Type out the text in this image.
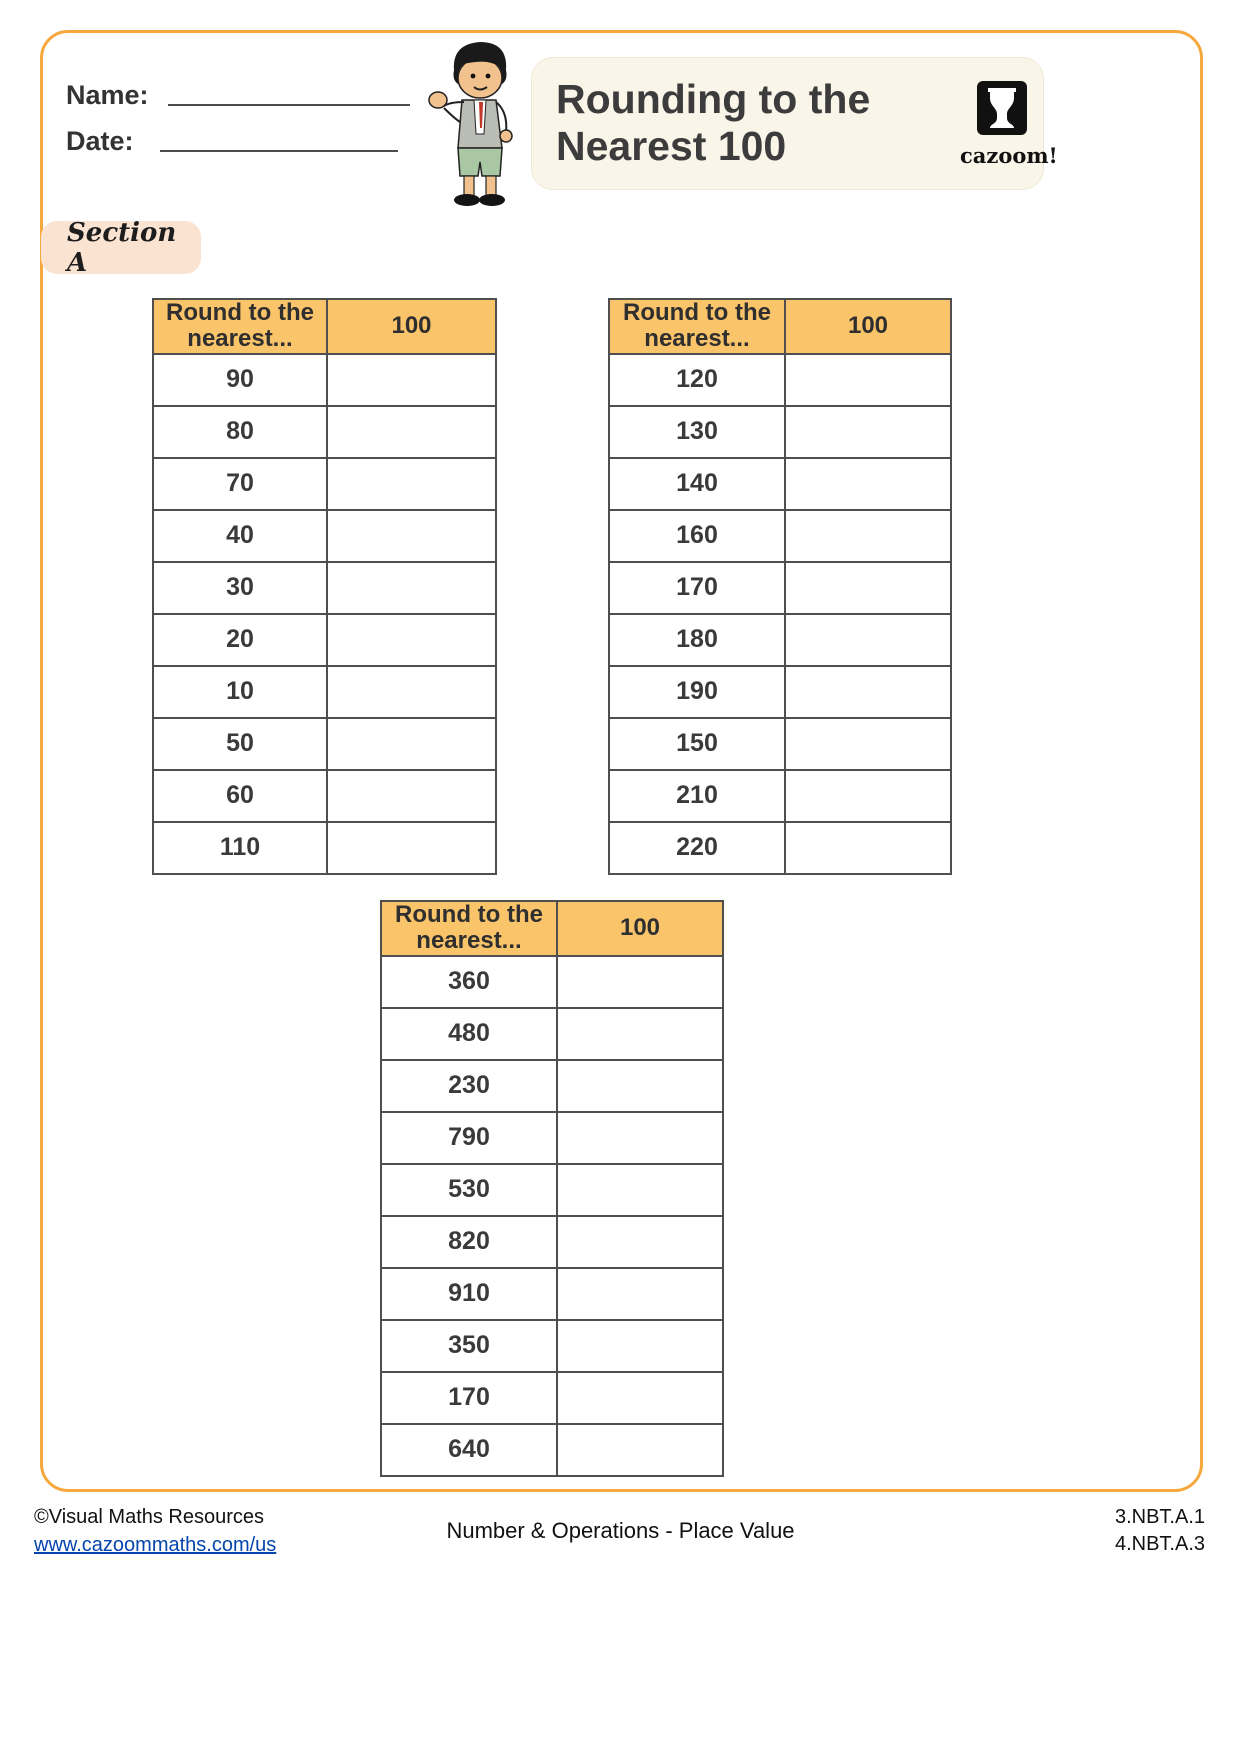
Name:
Date:
Rounding to the
Nearest 100	cazoom!
Section A
Round to the nearest...	100
90	
80	
70	
40	
30	
20	
10	
50	
60	
110	
Round to the nearest...	100
120	
130	
140	
160	
170	
180	
190	
150	
210	
220	
Round to the nearest...	100
360	
480	
230	
790	
530	
820	
910	
350	
170	
640	
©Visual Maths Resources
www.cazoommaths.com/us
Number & Operations - Place Value
3.NBT.A.1
4.NBT.A.3
